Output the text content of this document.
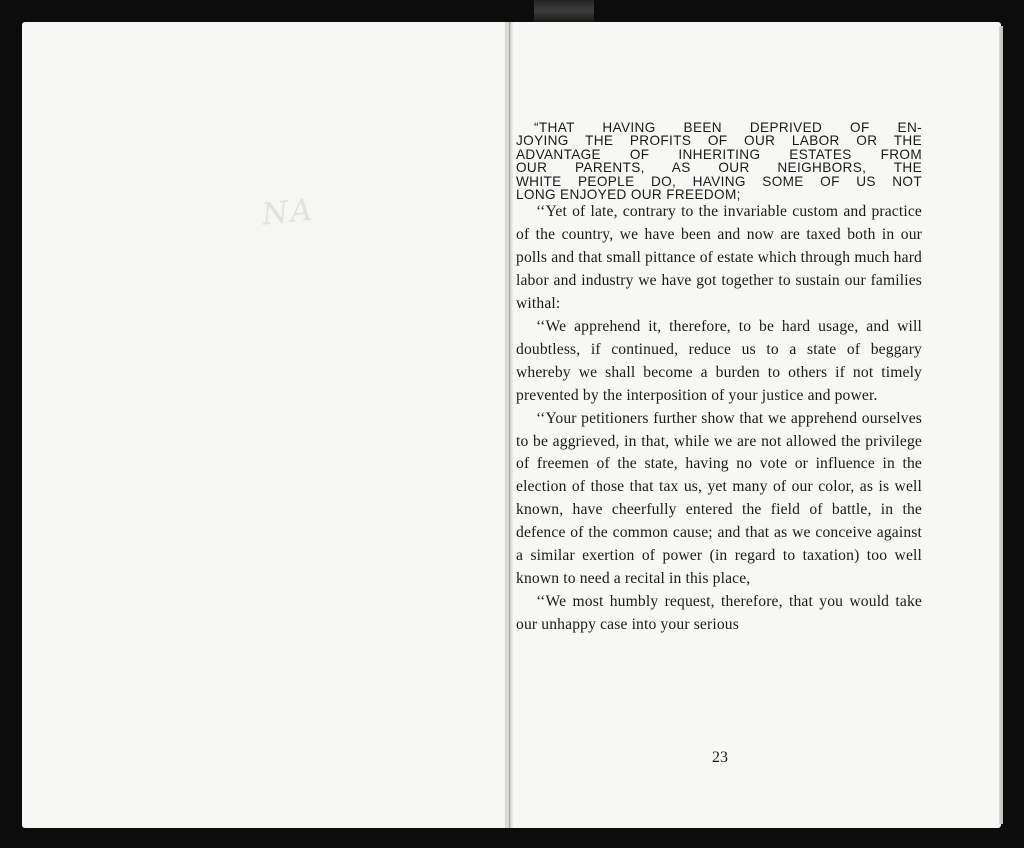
NA

“THAT HAVING BEEN DEPRIVED OF EN-
JOYING THE PROFITS OF OUR LABOR OR THE
ADVANTAGE OF INHERITING ESTATES FROM
OUR PARENTS, AS OUR NEIGHBORS, THE
WHITE PEOPLE DO, HAVING SOME OF US NOT
LONG ENJOYED OUR FREEDOM;

‘‘Yet of late, contrary to the invariable custom and practice of the country, we have been and now are taxed both in our polls and that small pittance of estate which through much hard labor and industry we have got together to sustain our families withal:

‘‘We apprehend it, therefore, to be hard usage, and will doubtless, if continued, reduce us to a state of beggary whereby we shall become a burden to others if not timely prevented by the interposition of your justice and power.

‘‘Your petitioners further show that we apprehend ourselves to be aggrieved, in that, while we are not allowed the privilege of freemen of the state, having no vote or influence in the election of those that tax us, yet many of our color, as is well known, have cheerfully entered the field of battle, in the defence of the common cause; and that as we conceive against a similar exertion of power (in regard to taxation) too well known to need a recital in this place,

‘‘We most humbly request, therefore, that you would take our unhappy case into your serious

23
